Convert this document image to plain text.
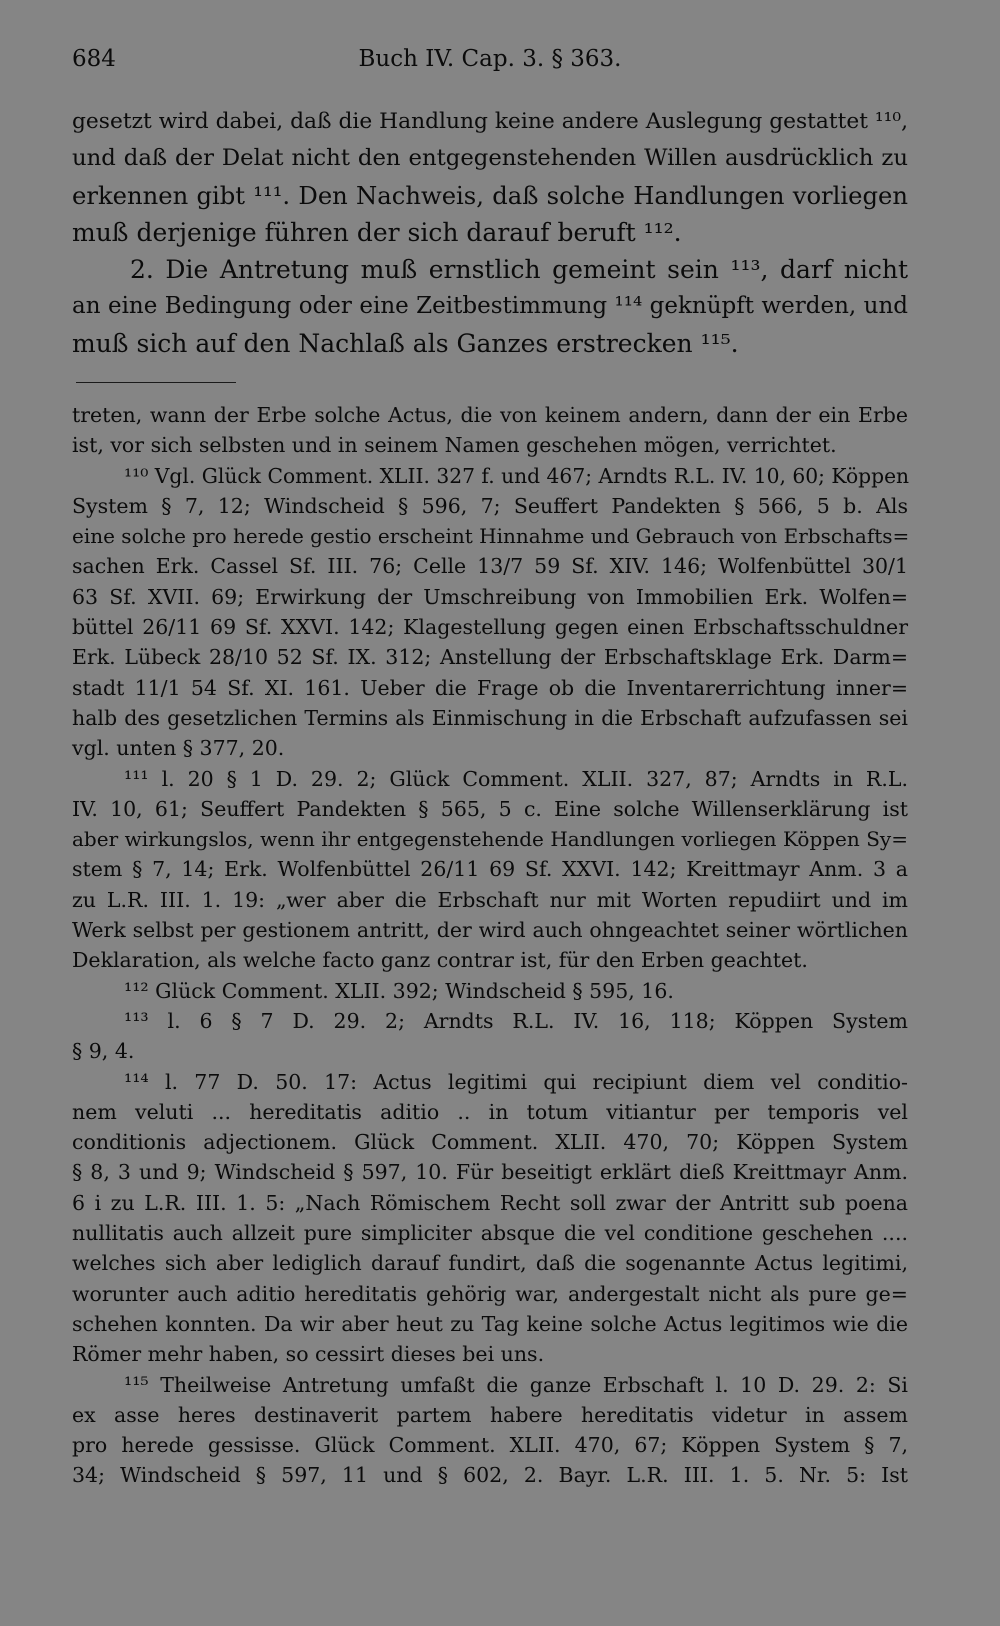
684	Buch IV. Cap. 3. § 363.
gesetzt wird dabei, daß die Handlung keine andere Auslegung gestattet ¹¹⁰,
und daß der Delat nicht den entgegenstehenden Willen ausdrücklich zu
erkennen gibt ¹¹¹. Den Nachweis, daß solche Handlungen vorliegen
muß derjenige führen der sich darauf beruft ¹¹².
2. Die Antretung muß ernstlich gemeint sein ¹¹³, darf nicht
an eine Bedingung oder eine Zeitbestimmung ¹¹⁴ geknüpft werden, und
muß sich auf den Nachlaß als Ganzes erstrecken ¹¹⁵.
treten, wann der Erbe solche Actus, die von keinem andern, dann der ein Erbe
ist, vor sich selbsten und in seinem Namen geschehen mögen, verrichtet.
¹¹⁰ Vgl. Glück Comment. XLII. 327 f. und 467; Arndts R.L. IV. 10, 60; Köppen
System § 7, 12; Windscheid § 596, 7; Seuffert Pandekten § 566, 5 b. Als
eine solche pro herede gestio erscheint Hinnahme und Gebrauch von Erbschafts=
sachen Erk. Cassel Sf. III. 76; Celle 13/7 59 Sf. XIV. 146; Wolfenbüttel 30/1
63 Sf. XVII. 69; Erwirkung der Umschreibung von Immobilien Erk. Wolfen=
büttel 26/11 69 Sf. XXVI. 142; Klagestellung gegen einen Erbschaftsschuldner
Erk. Lübeck 28/10 52 Sf. IX. 312; Anstellung der Erbschaftsklage Erk. Darm=
stadt 11/1 54 Sf. XI. 161. Ueber die Frage ob die Inventarerrichtung inner=
halb des gesetzlichen Termins als Einmischung in die Erbschaft aufzufassen sei
vgl. unten § 377, 20.
¹¹¹ l. 20 § 1 D. 29. 2; Glück Comment. XLII. 327, 87; Arndts in R.L.
IV. 10, 61; Seuffert Pandekten § 565, 5 c. Eine solche Willenserklärung ist
aber wirkungslos, wenn ihr entgegenstehende Handlungen vorliegen Köppen Sy=
stem § 7, 14; Erk. Wolfenbüttel 26/11 69 Sf. XXVI. 142; Kreittmayr Anm. 3 a
zu L.R. III. 1. 19: „wer aber die Erbschaft nur mit Worten repudiirt und im
Werk selbst per gestionem antritt, der wird auch ohngeachtet seiner wörtlichen
Deklaration, als welche facto ganz contrar ist, für den Erben geachtet.
¹¹² Glück Comment. XLII. 392; Windscheid § 595, 16.
¹¹³ l. 6 § 7 D. 29. 2; Arndts R.L. IV. 16, 118; Köppen System
§ 9, 4.
¹¹⁴ l. 77 D. 50. 17: Actus legitimi qui recipiunt diem vel conditio-
nem veluti ... hereditatis aditio .. in totum vitiantur per temporis vel
conditionis adjectionem. Glück Comment. XLII. 470, 70; Köppen System
§ 8, 3 und 9; Windscheid § 597, 10. Für beseitigt erklärt dieß Kreittmayr Anm.
6 i zu L.R. III. 1. 5: „Nach Römischem Recht soll zwar der Antritt sub poena
nullitatis auch allzeit pure simpliciter absque die vel conditione geschehen ....
welches sich aber lediglich darauf fundirt, daß die sogenannte Actus legitimi,
worunter auch aditio hereditatis gehörig war, andergestalt nicht als pure ge=
schehen konnten. Da wir aber heut zu Tag keine solche Actus legitimos wie die
Römer mehr haben, so cessirt dieses bei uns.
¹¹⁵ Theilweise Antretung umfaßt die ganze Erbschaft l. 10 D. 29. 2: Si
ex asse heres destinaverit partem habere hereditatis videtur in assem
pro herede gessisse. Glück Comment. XLII. 470, 67; Köppen System § 7,
34; Windscheid § 597, 11 und § 602, 2. Bayr. L.R. III. 1. 5. Nr. 5: Ist
